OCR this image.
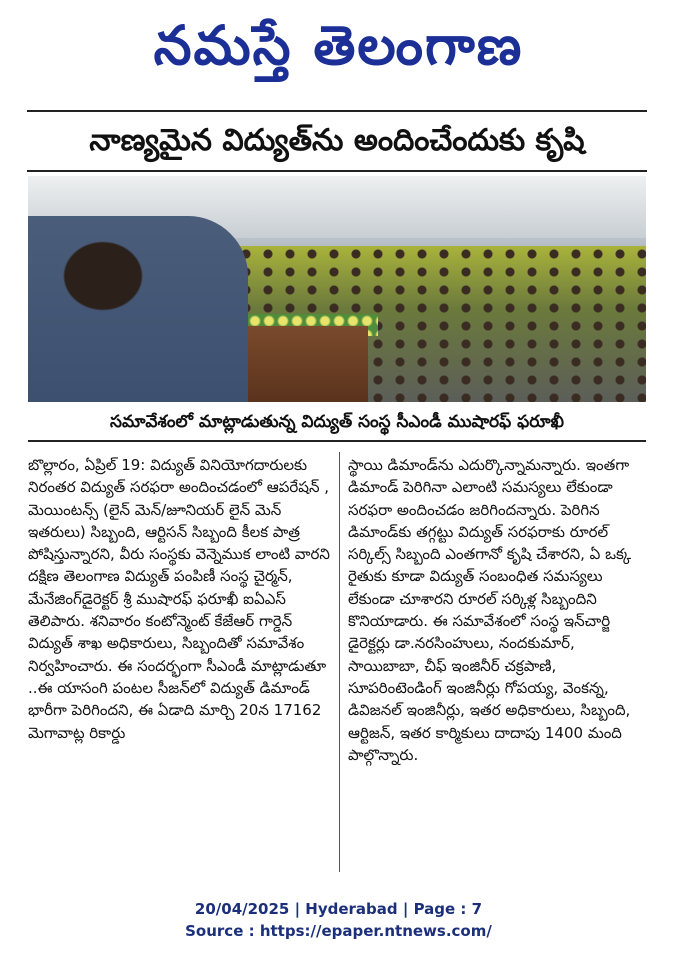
నమస్తే తెలంగాణ
నాణ్యమైన విద్యుత్‌ను అందించేందుకు కృషి
సమావేశంలో మాట్లాడుతున్న విద్యుత్ సంస్థ సీఎండీ ముషారఫ్ ఫరూఖీ

బొల్లారం, ఏప్రిల్ 19: విద్యుత్ వినియోగదారులకు నిరంతర విద్యుత్ సరఫరా అందించడంలో ఆపరేషన్ , మెయింటన్స్ (లైన్ మెన్/జూనియర్ లైన్ మెన్ ఇతరులు) సిబ్బంది, ఆర్టిసన్ సిబ్బంది కీలక పాత్ర పోషిస్తున్నారని, వీరు సంస్థకు వెన్నెముక లాంటి వారని దక్షిణ తెలంగాణ విద్యుత్ పంపిణీ సంస్థ చైర్మన్, మేనేజింగ్‌డైరెక్టర్ శ్రీ ముషారఫ్ ఫరూఖీ ఐఏఎస్ తెలిపారు. శనివారం కంటోన్మెంట్ కేజేఆర్ గార్డెన్ విద్యుత్ శాఖ అధికారులు, సిబ్బందితో సమావేశం నిర్వహించారు. ఈ సందర్భంగా సీఎండీ మాట్లాడుతూ ..ఈ యాసంగి పంటల సీజన్‌లో విద్యుత్ డిమాండ్ భారీగా పెరిగిందని, ఈ ఏడాది మార్చి 20న 17162 మెగావాట్ల రికార్డు

స్థాయి డిమాండ్‌ను ఎదుర్కొన్నామన్నారు. ఇంతగా డిమాండ్ పెరిగినా ఎలాంటి సమస్యలు లేకుండా సరఫరా అందించడం జరిగిందన్నారు. పెరిగిన డిమాండ్‌కు తగ్గట్టు విద్యుత్ సరఫరాకు రూరల్ సర్కిల్స్ సిబ్బంది ఎంతగానో కృషి చేశారని, ఏ ఒక్క రైతుకు కూడా విద్యుత్ సంబంధిత సమస్యలు లేకుండా చూశారని రూరల్ సర్కిళ్ల సిబ్బందిని కొనియాడారు. ఈ సమావేశంలో సంస్థ ఇన్‌చార్జి డైరెక్టర్లు డా.నరసింహులు, నందకుమార్, సాయిబాబా, చీఫ్ ఇంజినీర్ చక్రపాణి, సూపరింటెండింగ్ ఇంజినీర్లు గోపయ్య, వెంకన్న, డివిజనల్ ఇంజినీర్లు, ఇతర అధికారులు, సిబ్బంది, ఆర్టిజన్, ఇతర కార్మికులు దాదాపు 1400 మంది పాల్గొన్నారు.

20/04/2025 | Hyderabad | Page : 7
Source : https://epaper.ntnews.com/
